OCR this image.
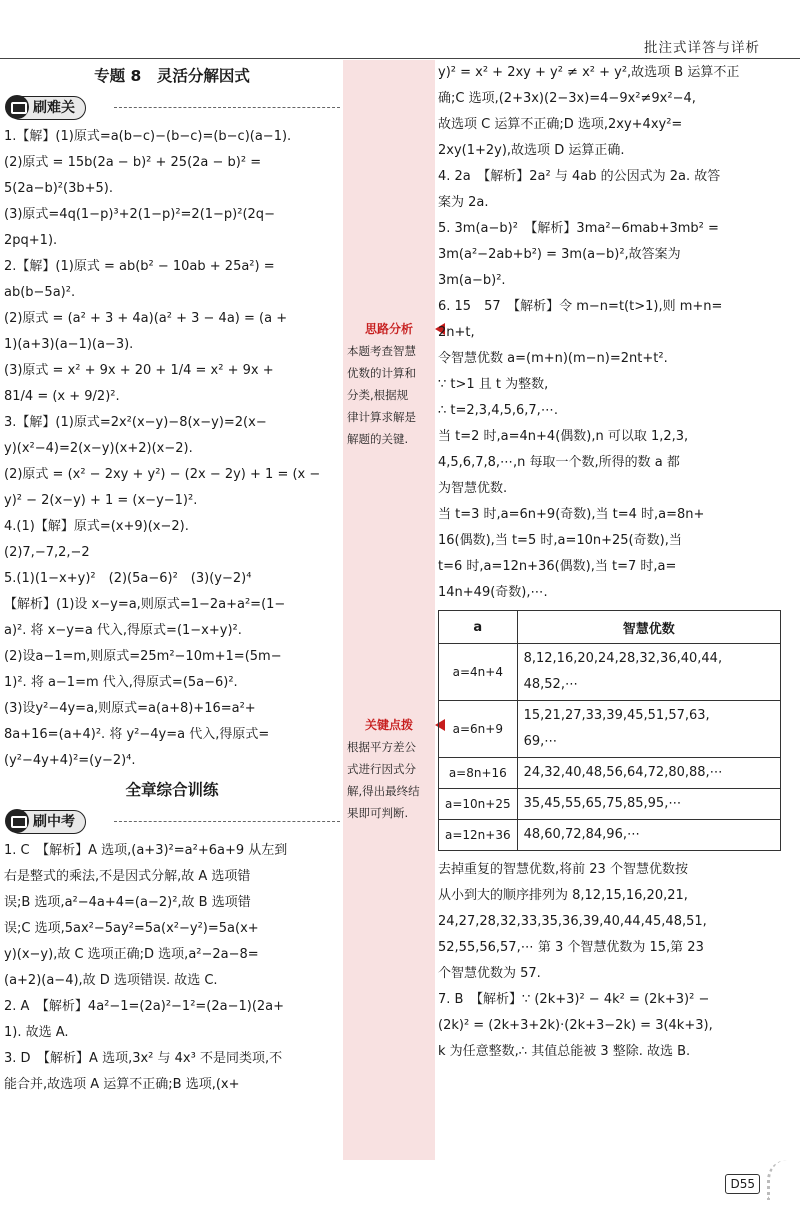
批注式详答与详析
专题 8　灵活分解因式
刷难关
1.【解】(1)原式=a(b−c)−(b−c)=(b−c)(a−1).
(2)原式 = 15b(2a − b)² + 25(2a − b)² =
5(2a−b)²(3b+5).
(3)原式=4q(1−p)³+2(1−p)²=2(1−p)²(2q−
2pq+1).
2.【解】(1)原式 = ab(b² − 10ab + 25a²) =
ab(b−5a)².
(2)原式 = (a² + 3 + 4a)(a² + 3 − 4a) = (a +
1)(a+3)(a−1)(a−3).
(3)原式 = x² + 9x + 20 + 1/4 = x² + 9x +
81/4 = (x + 9/2)².
3.【解】(1)原式=2x²(x−y)−8(x−y)=2(x−
y)(x²−4)=2(x−y)(x+2)(x−2).
(2)原式 = (x² − 2xy + y²) − (2x − 2y) + 1 = (x −
y)² − 2(x−y) + 1 = (x−y−1)².
4.(1)【解】原式=(x+9)(x−2).
(2)7,−7,2,−2
5.(1)(1−x+y)²　(2)(5a−6)²　(3)(y−2)⁴
【解析】(1)设 x−y=a,则原式=1−2a+a²=(1−
a)². 将 x−y=a 代入,得原式=(1−x+y)².
(2)设a−1=m,则原式=25m²−10m+1=(5m−
1)². 将 a−1=m 代入,得原式=(5a−6)².
(3)设y²−4y=a,则原式=a(a+8)+16=a²+
8a+16=(a+4)². 将 y²−4y=a 代入,得原式=
(y²−4y+4)²=(y−2)⁴.
全章综合训练
刷中考
1. C　【解析】A 选项,(a+3)²=a²+6a+9 从左到
右是整式的乘法,不是因式分解,故 A 选项错
误;B 选项,a²−4a+4=(a−2)²,故 B 选项错
误;C 选项,5ax²−5ay²=5a(x²−y²)=5a(x+
y)(x−y),故 C 选项正确;D 选项,a²−2a−8=
(a+2)(a−4),故 D 选项错误. 故选 C.
2. A　【解析】4a²−1=(2a)²−1²=(2a−1)(2a+
1). 故选 A.
3. D　【解析】A 选项,3x² 与 4x³ 不是同类项,不
能合并,故选项 A 运算不正确;B 选项,(x+
思路分析
本题考查智慧
优数的计算和
分类,根据规
律计算求解是
解题的关键.
关键点拨
根据平方差公
式进行因式分
解,得出最终结
果即可判断.
y)² = x² + 2xy + y² ≠ x² + y²,故选项 B 运算不正
确;C 选项,(2+3x)(2−3x)=4−9x²≠9x²−4,
故选项 C 运算不正确;D 选项,2xy+4xy²=
2xy(1+2y),故选项 D 运算正确.
4. 2a　【解析】2a² 与 4ab 的公因式为 2a. 故答
案为 2a.
5. 3m(a−b)²　【解析】3ma²−6mab+3mb² =
3m(a²−2ab+b²) = 3m(a−b)²,故答案为
3m(a−b)².
6. 15　57　【解析】令 m−n=t(t>1),则 m+n=
2n+t,
令智慧优数 a=(m+n)(m−n)=2nt+t².
∵ t>1 且 t 为整数,
∴ t=2,3,4,5,6,7,⋯.
当 t=2 时,a=4n+4(偶数),n 可以取 1,2,3,
4,5,6,7,8,⋯,n 每取一个数,所得的数 a 都
为智慧优数.
当 t=3 时,a=6n+9(奇数),当 t=4 时,a=8n+
16(偶数),当 t=5 时,a=10n+25(奇数),当
t=6 时,a=12n+36(偶数),当 t=7 时,a=
14n+49(奇数),⋯.
a	智慧优数
a=4n+4	8,12,16,20,24,28,32,36,40,44,
48,52,⋯

a=6n+9	15,21,27,33,39,45,51,57,63,
69,⋯

a=8n+16	24,32,40,48,56,64,72,80,88,⋯

a=10n+25	35,45,55,65,75,85,95,⋯

a=12n+36	48,60,72,84,96,⋯
去掉重复的智慧优数,将前 23 个智慧优数按
从小到大的顺序排列为 8,12,15,16,20,21,
24,27,28,32,33,35,36,39,40,44,45,48,51,
52,55,56,57,⋯ 第 3 个智慧优数为 15,第 23
个智慧优数为 57.
7. B　【解析】∵ (2k+3)² − 4k² = (2k+3)² −
(2k)² = (2k+3+2k)·(2k+3−2k) = 3(4k+3),
k 为任意整数,∴ 其值总能被 3 整除. 故选 B.
D55
